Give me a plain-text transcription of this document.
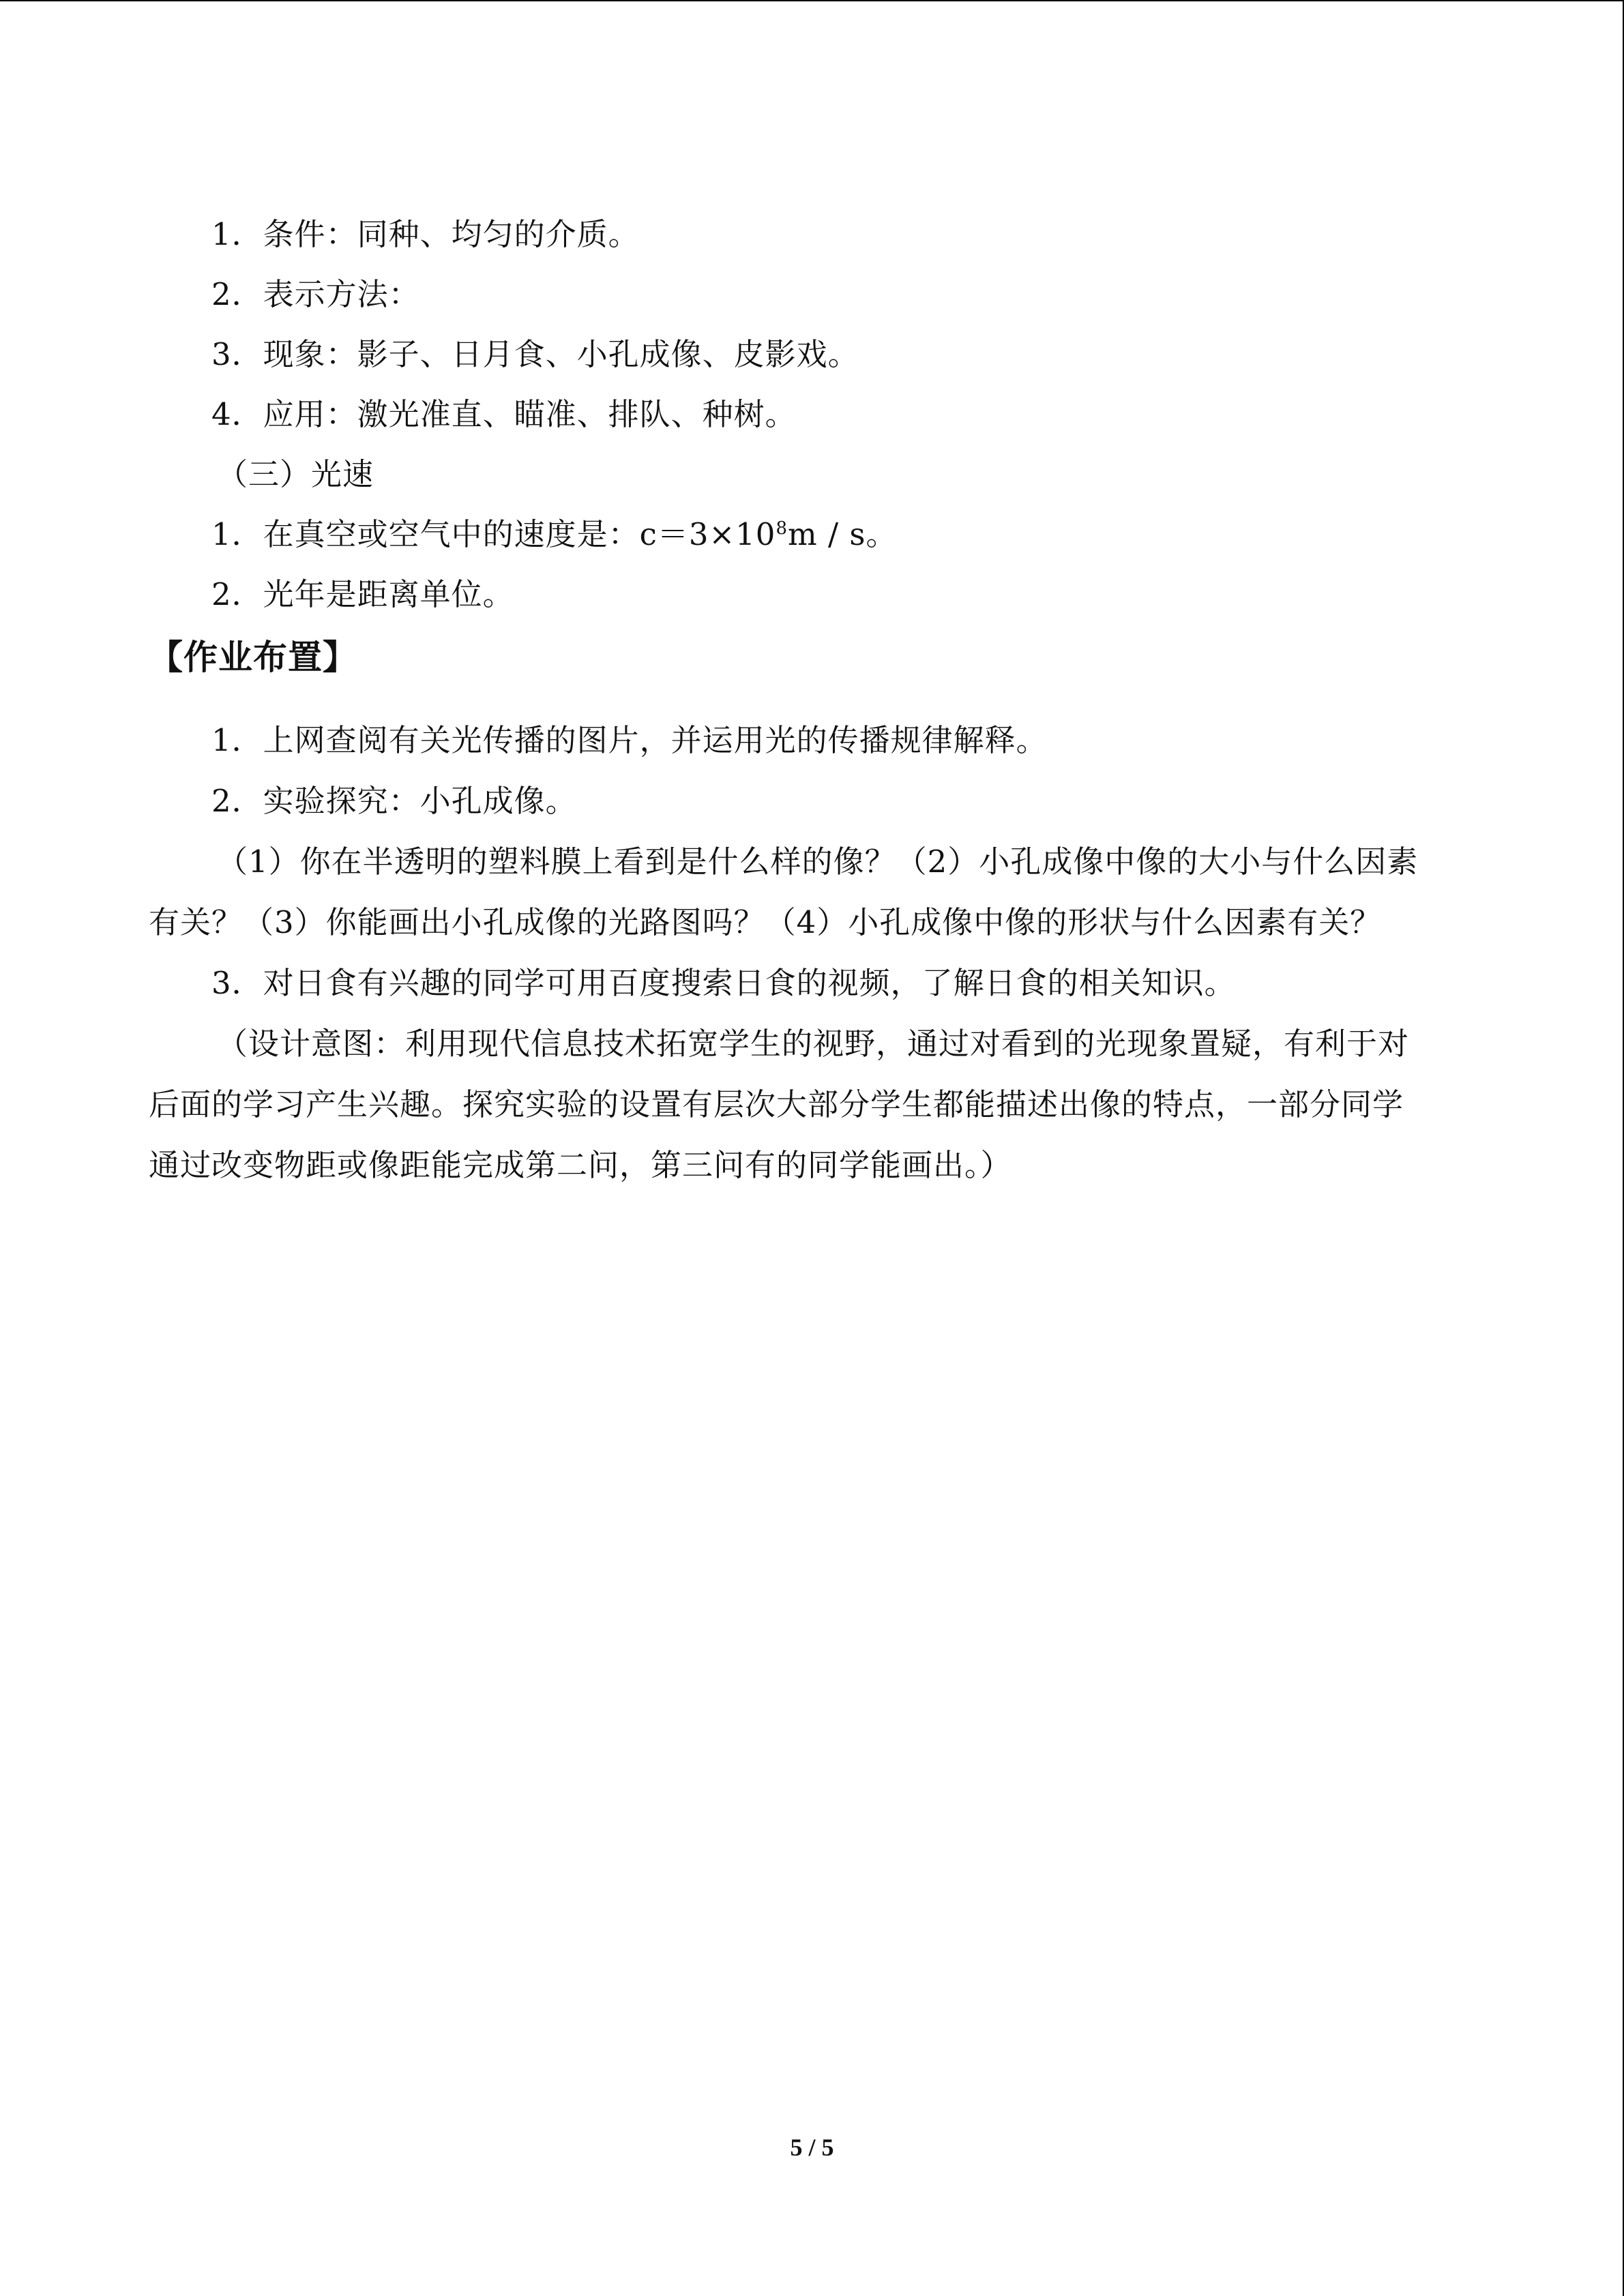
1．条件：同种、均匀的介质。
2．表示方法：
3．现象：影子、日月食、小孔成像、皮影戏。
4．应用：激光准直、瞄准、排队、种树。
（三）光速
1．在真空或空气中的速度是：$c=3\times 10^8m / s$。
2．光年是距离单位。
【作业布置】
1．上网查阅有关光传播的图片，并运用光的传播规律解释。
2．实验探究：小孔成像。
（1）你在半透明的塑料膜上看到是什么样的像？（2）小孔成像中像的大小与什么因素
有关？（3）你能画出小孔成像的光路图吗？（4）小孔成像中像的形状与什么因素有关？
3．对日食有兴趣的同学可用百度搜索日食的视频，了解日食的相关知识。
（设计意图：利用现代信息技术拓宽学生的视野，通过对看到的光现象置疑，有利于对
后面的学习产生兴趣。探究实验的设置有层次大部分学生都能描述出像的特点，一部分同学
通过改变物距或像距能完成第二问，第三问有的同学能画出。）
5 / 5
